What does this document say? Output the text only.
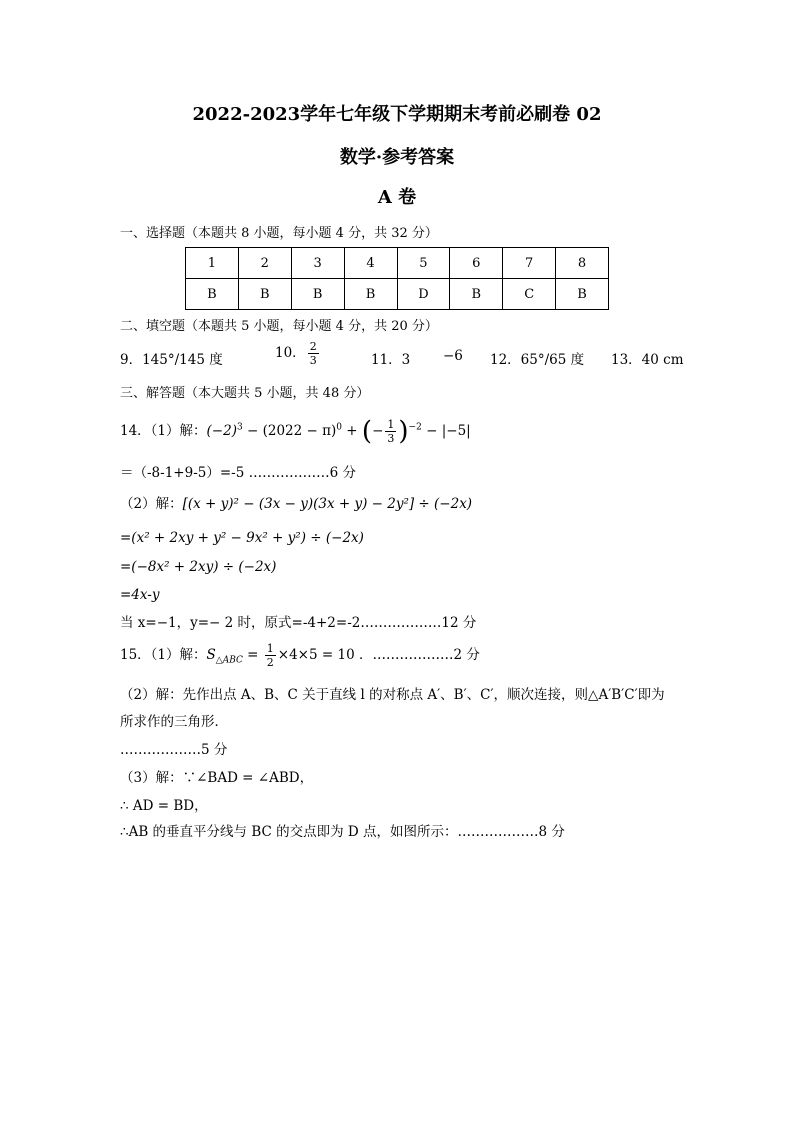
2022-2023学年七年级下学期期末考前必刷卷 02
数学·参考答案
A 卷
一、选择题（本题共 8 小题，每小题 4 分，共 32 分）
1	2	3	4	5	6	7	8
B	B	B	B	D	B	C	B
二、填空题（本题共 5 小题，每小题 4 分，共 20 分）
9．145°/145 度	10． $\frac{2}{3}$	11．3 −6 12．65°/65 度 13．40 cm
三、解答题（本大题共 5 小题，共 48 分）
14．（1）解：$(-2)^3 - (2022 - \pi)^0$ + (− $\frac{1}{3} )^{-2} - |-5|$
＝（-8-1+9-5）=-5 ………………6 分
（2）解：[(x + y)² − (3x − y)(3x + y) − 2y²] ÷ (−2x)
=(x² + 2xy + y² − 9x² + y²) ÷ (−2x)
=(−8x² + 2xy) ÷ (−2x)
=4x-y
当 x=−1，y=− 2 时，原式=-4+2=-2………………12 分
15．（1）解：$S_{\triangle ABC} = \frac{1}{2} \times 4\times 5 = 10$ ．………………2 分
（2）解：先作出点 A、B、C 关于直线 l 的对称点 A′、B′、C′，顺次连接，则△A′B′C′即为
所求作的三角形．
………………5 分
（3）解：∵∠BAD = ∠ABD，
∴ AD = BD，
∴AB 的垂直平分线与 BC 的交点即为 D 点，如图所示：………………8 分
